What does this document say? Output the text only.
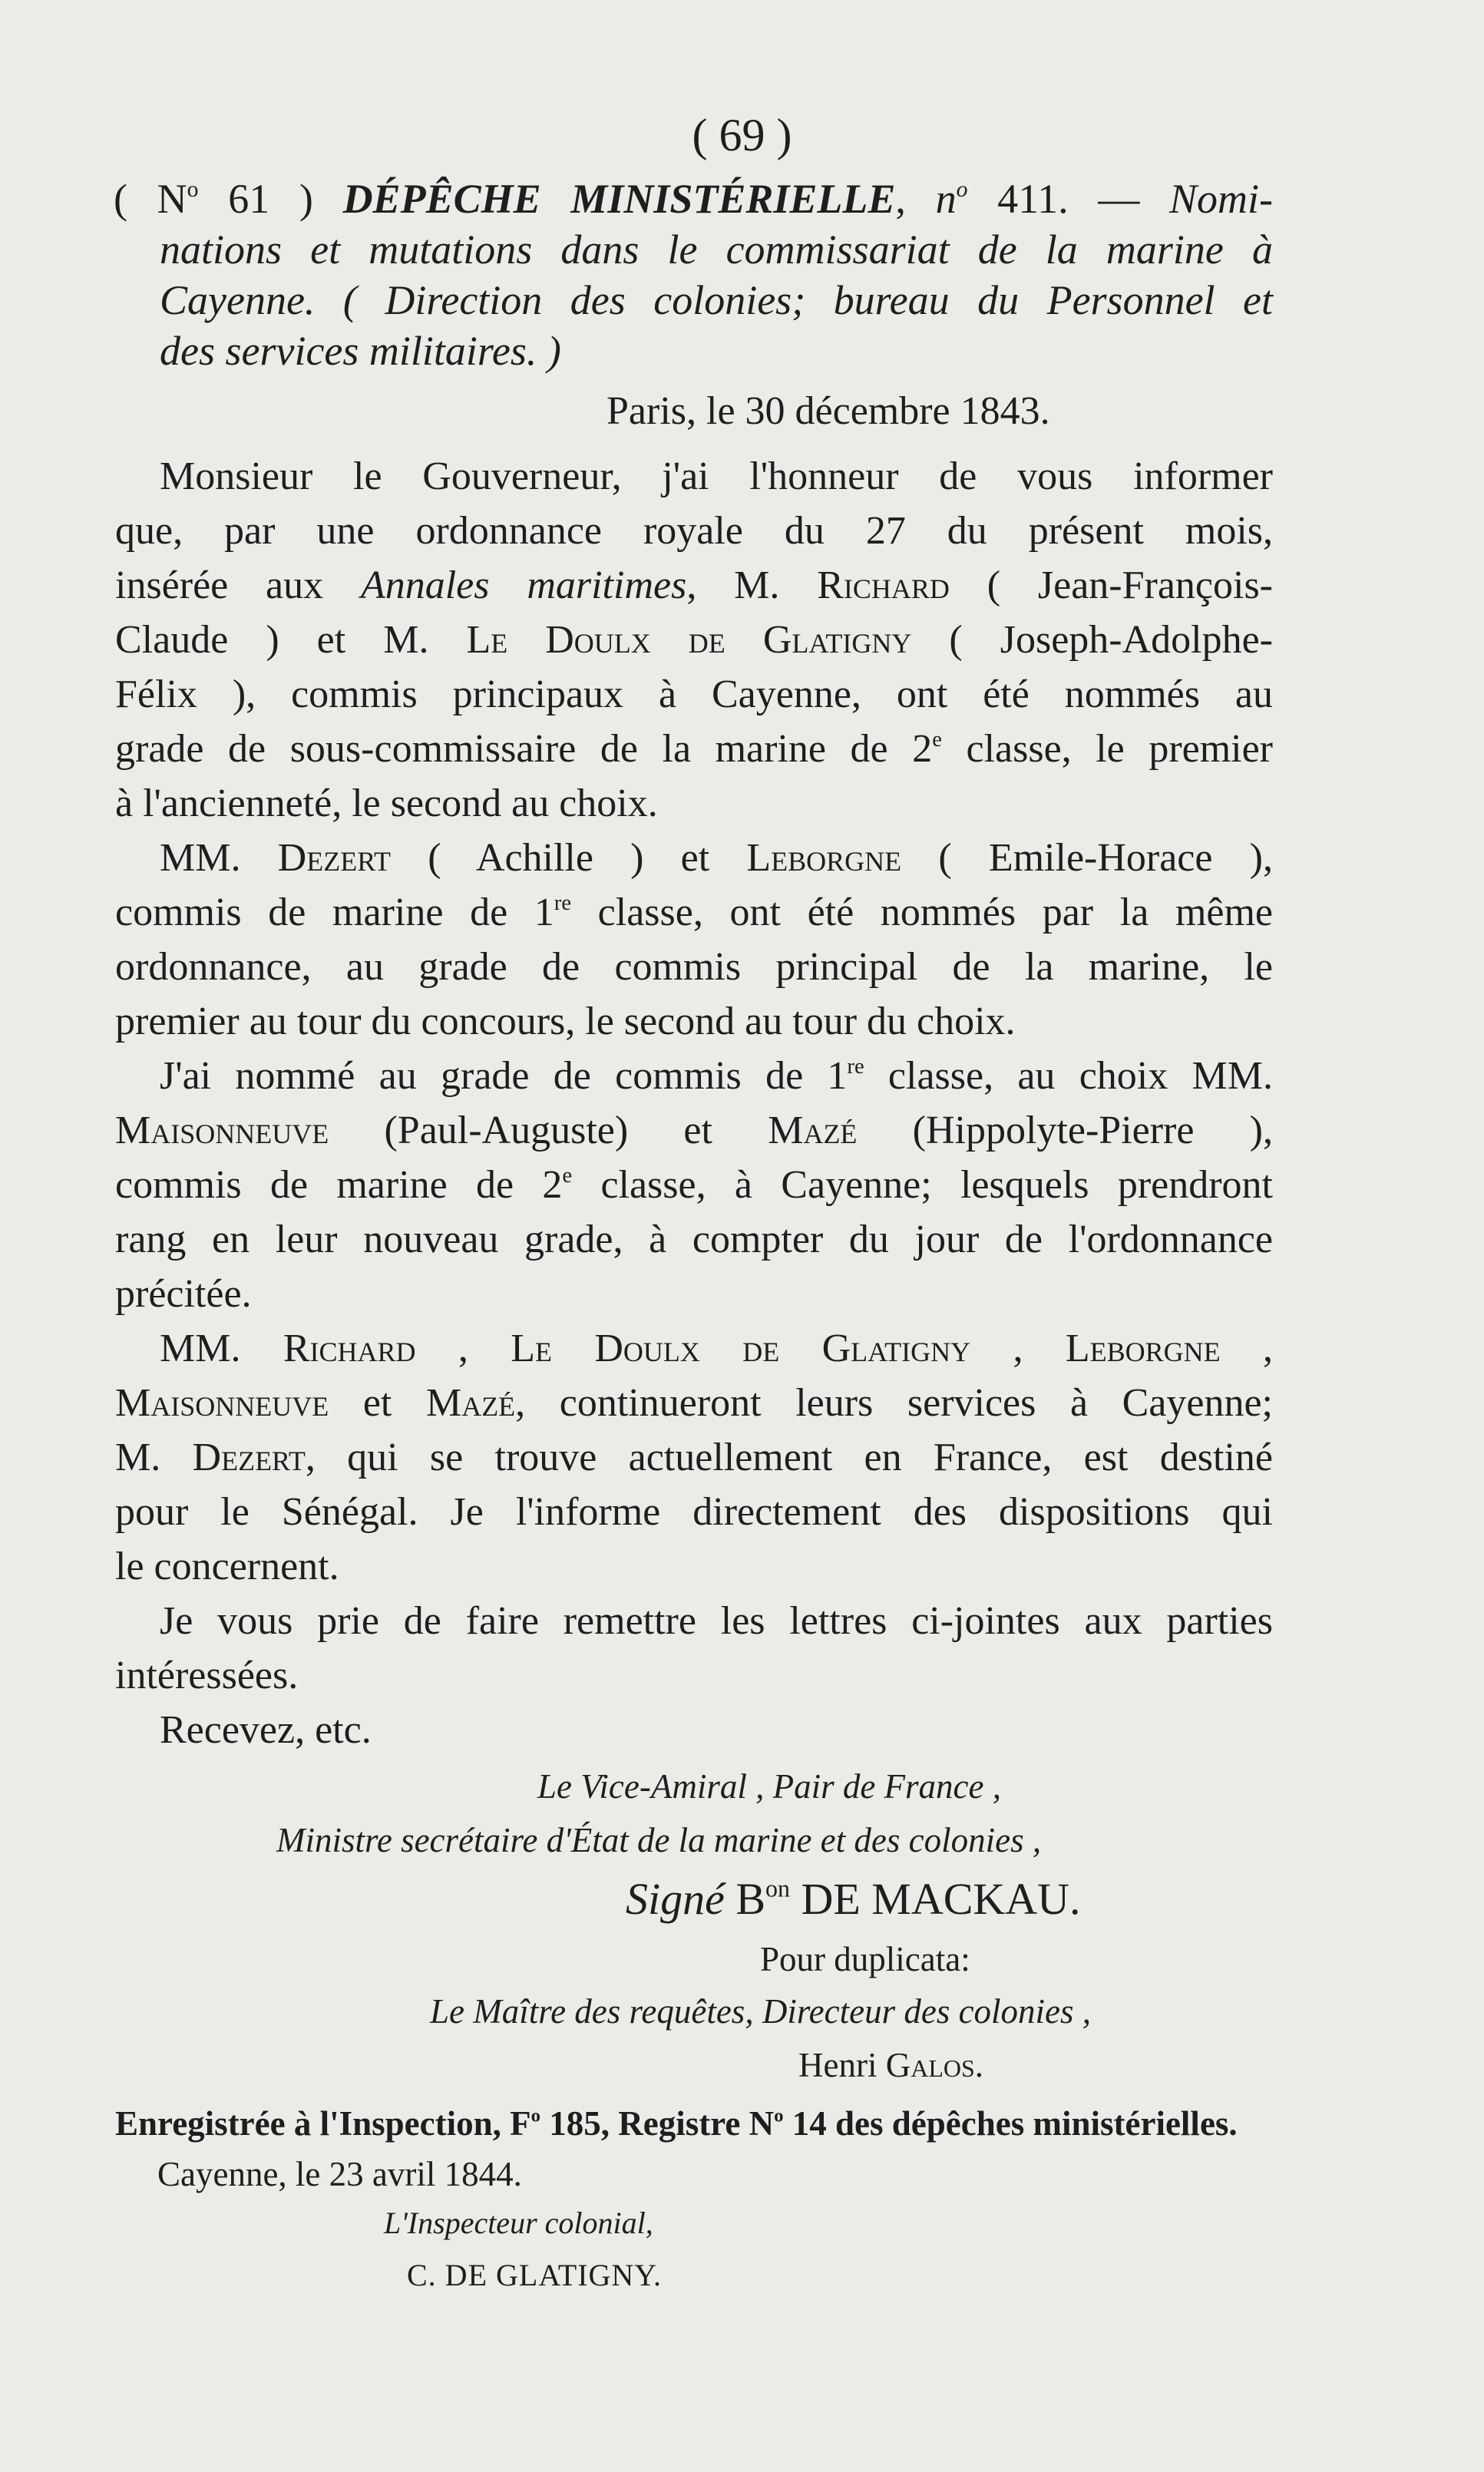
( 69 )
( $N^o$ 61 ) DÉPÊCHE MINISTÉRIELLE, $n^o$ 411. — Nomi-
nations et mutations dans le commissariat de la marine à
Cayenne. ( Direction des colonies; bureau du Personnel et
des services militaires. )
Paris, le 30 décembre 1843.
Monsieur le Gouverneur, j'ai l'honneur de vous informer
que, par une ordonnance royale du 27 du présent mois,
insérée aux Annales maritimes, M. Richard ( Jean-François-
Claude ) et M. Le Doulx de Glatigny ( Joseph-Adolphe-
Félix ), commis principaux à Cayenne, ont été nommés au
grade de sous-commissaire de la marine de 2e classe, le premier
à l'ancienneté, le second au choix.
MM. Dezert ( Achille ) et Leborgne ( Emile-Horace ),
commis de marine de 1re classe, ont été nommés par la même
ordonnance, au grade de commis principal de la marine, le
premier au tour du concours, le second au tour du choix.
J'ai nommé au grade de commis de 1re classe, au choix MM.
Maisonneuve (Paul-Auguste) et Mazé (Hippolyte-Pierre ),
commis de marine de 2e classe, à Cayenne; lesquels prendront
rang en leur nouveau grade, à compter du jour de l'ordonnance
précitée.
MM. Richard , Le Doulx de Glatigny , Leborgne ,
Maisonneuve et Mazé, continueront leurs services à Cayenne;
M. Dezert, qui se trouve actuellement en France, est destiné
pour le Sénégal. Je l'informe directement des dispositions qui
le concernent.
Je vous prie de faire remettre les lettres ci-jointes aux parties
intéressées.
Recevez, etc.
Le Vice-Amiral , Pair de France ,
Ministre secrétaire d'État de la marine et des colonies ,
Signé $B^{on}$ DE MACKAU.
Pour duplicata:
Le Maître des requêtes, Directeur des colonies ,
Henri Galos.
Enregistrée à l'Inspection, $F^o$ 185, Registre $N^o$ 14 des dépêches ministérielles.
Cayenne, le 23 avril 1844.
L'Inspecteur colonial,
C. DE GLATIGNY.
